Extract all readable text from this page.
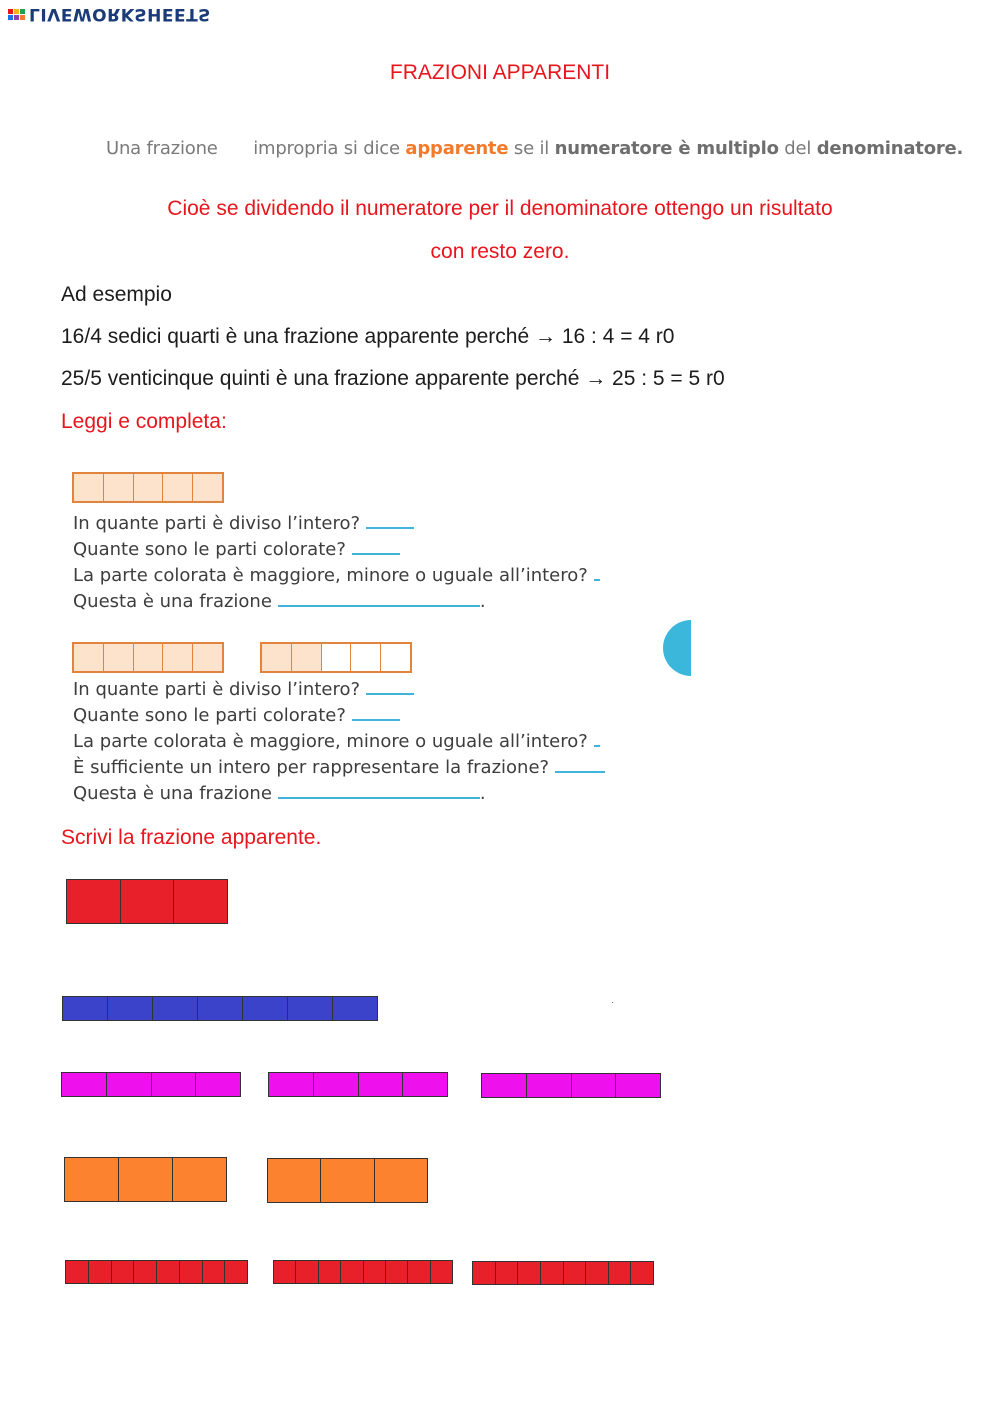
LIVEWORKSHEETS
FRAZIONI APPARENTI
Una frazione impropria si dice apparente se il numeratore è multiplo del denominatore.
Cioè se dividendo il numeratore per il denominatore ottengo un risultato
con resto zero.
Ad esempio
16/4 sedici quarti è una frazione apparente perché → 16 : 4 = 4 r0
25/5 venticinque quinti è una frazione apparente perché → 25 : 5 = 5 r0
Leggi e completa:
In quante parti è diviso l’intero?
Quante sono le parti colorate?
La parte colorata è maggiore, minore o uguale all’intero?
Questa è una frazione	.
In quante parti è diviso l’intero?
Quante sono le parti colorate?
La parte colorata è maggiore, minore o uguale all’intero?
È sufficiente un intero per rappresentare la frazione?
Questa è una frazione	.
Scrivi la frazione apparente.
